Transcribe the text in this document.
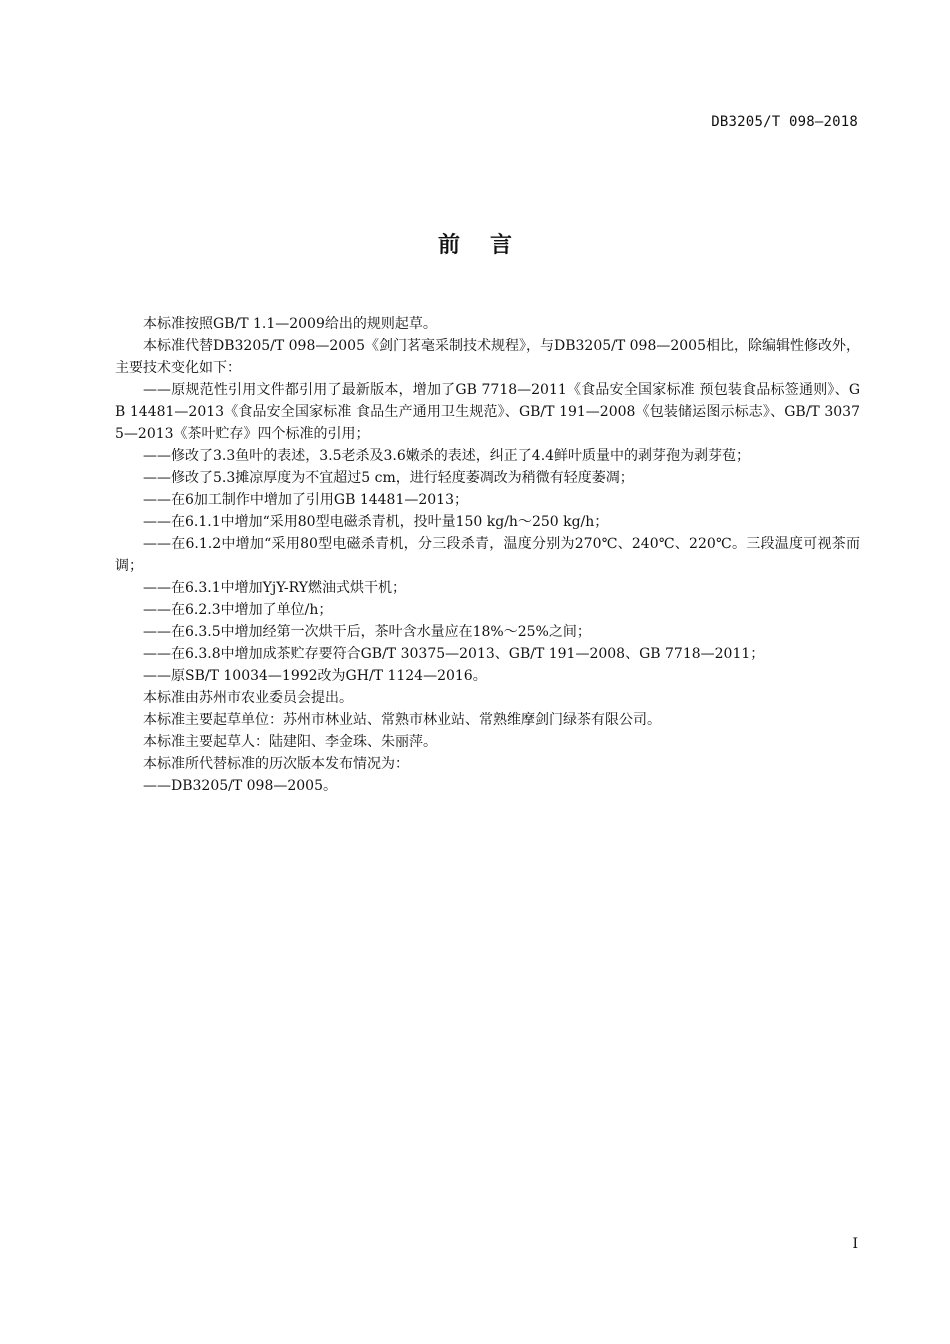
DB3205/T 098—2018
前言

本标准按照GB/T 1.1—2009给出的规则起草。

本标准代替DB3205/T 098—2005《剑门茗毫采制技术规程》，与DB3205/T 098—2005相比，除编辑性修改外，主要技术变化如下：

——原规范性引用文件都引用了最新版本，增加了GB 7718—2011《食品安全国家标准 预包装食品标签通则》、GB 14481—2013《食品安全国家标准 食品生产通用卫生规范》、GB/T 191—2008《包装储运图示标志》、GB/T 30375—2013《茶叶贮存》四个标准的引用；

——修改了3.3鱼叶的表述，3.5老杀及3.6嫩杀的表述，纠正了4.4鲜叶质量中的剥芽孢为剥芽苞；

——修改了5.3摊凉厚度为不宜超过5 cm，进行轻度萎凋改为稍微有轻度萎凋；

——在6加工制作中增加了引用GB 14481—2013；

——在6.1.1中增加“采用80型电磁杀青机，投叶量150 kg/h～250 kg/h；

——在6.1.2中增加“采用80型电磁杀青机，分三段杀青，温度分别为270℃、240℃、220℃。三段温度可视茶而调；

——在6.3.1中增加YjY-RY燃油式烘干机；

——在6.2.3中增加了单位/h；

——在6.3.5中增加经第一次烘干后，茶叶含水量应在18%～25%之间；

——在6.3.8中增加成茶贮存要符合GB/T 30375—2013、GB/T 191—2008、GB 7718—2011；

——原SB/T 10034—1992改为GH/T 1124—2016。

本标准由苏州市农业委员会提出。

本标准主要起草单位：苏州市林业站、常熟市林业站、常熟维摩剑门绿茶有限公司。

本标准主要起草人：陆建阳、李金珠、朱丽萍。

本标准所代替标准的历次版本发布情况为：

——DB3205/T 098—2005。

I
